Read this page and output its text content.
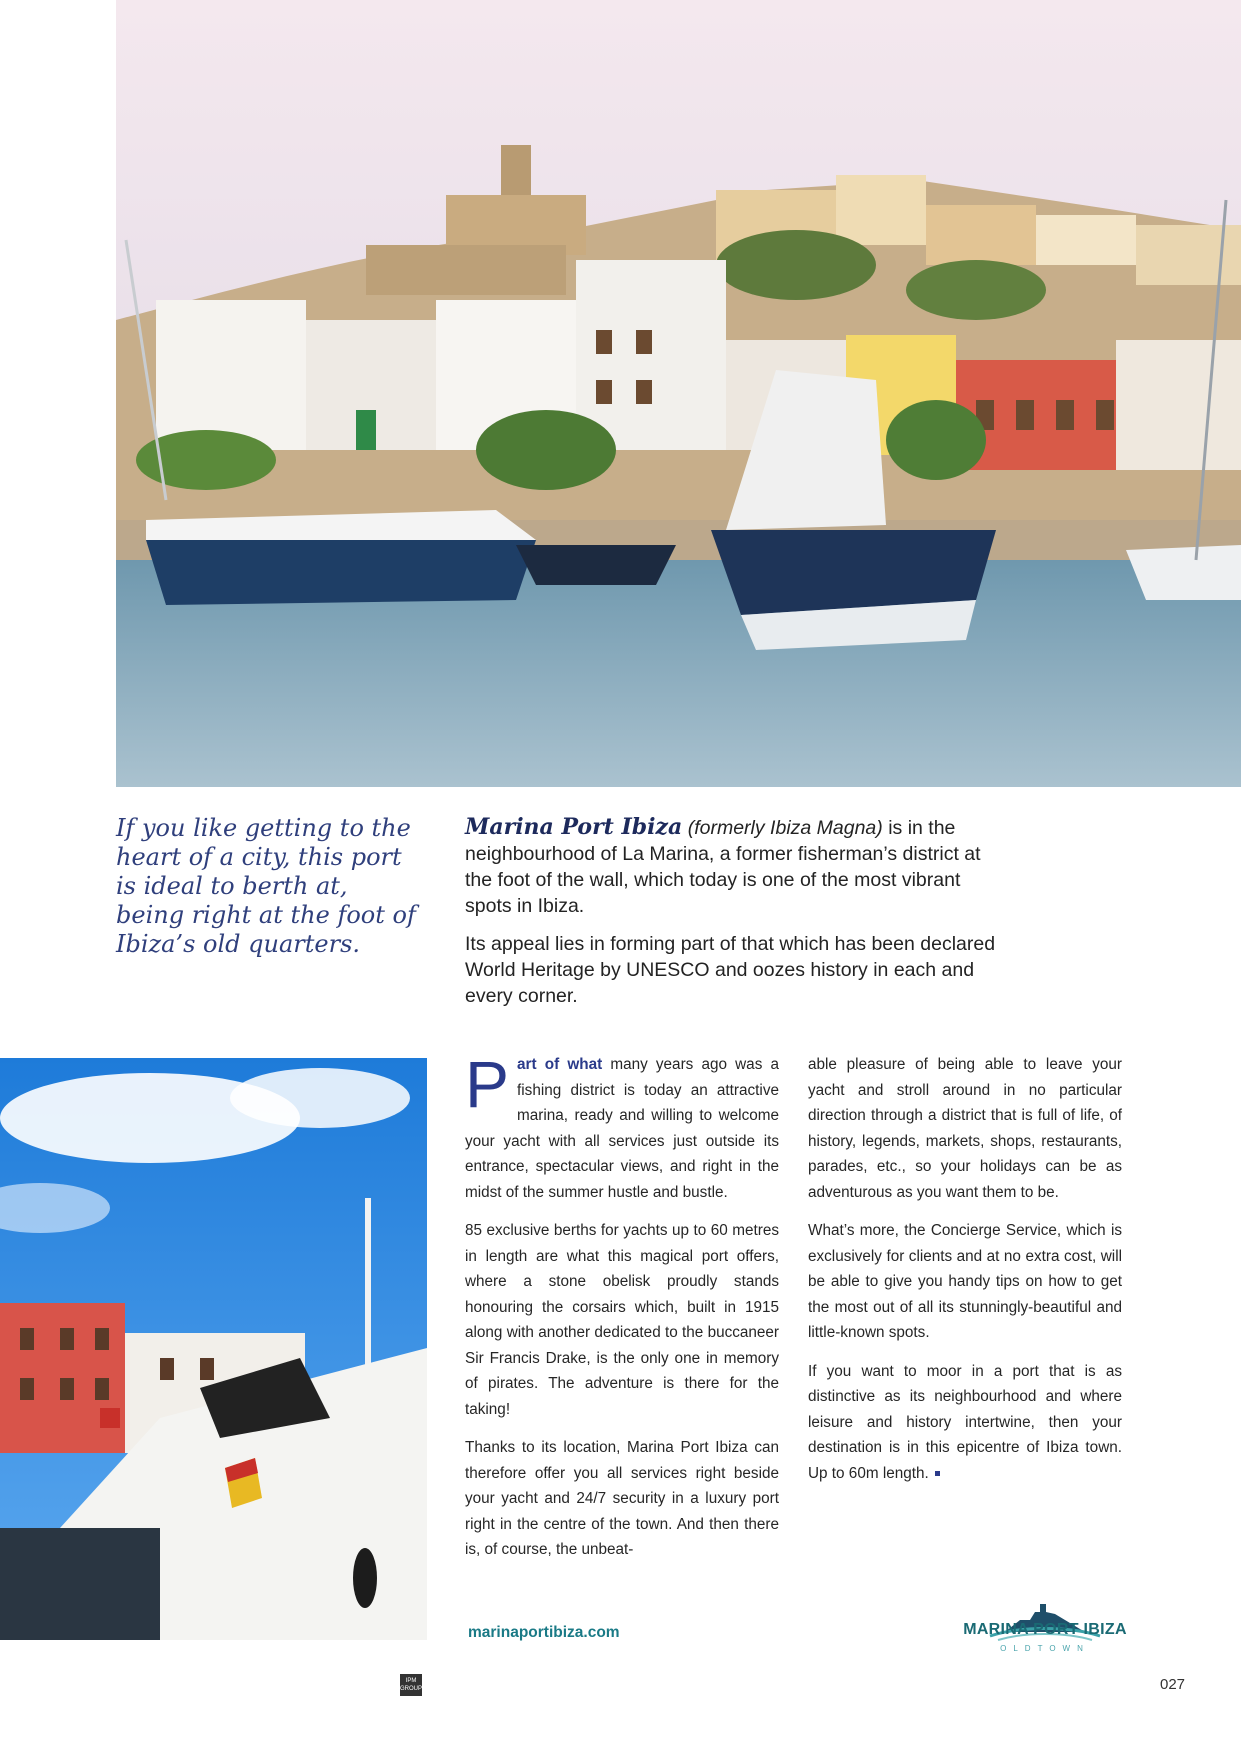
If you like getting to the heart of a city, this port is ideal to berth at, being right at the foot of Ibiza’s old quarters.

Marina Port Ibiza (formerly Ibiza Magna) is in the neighbourhood of La Marina, a former fisherman’s district at the foot of the wall, which today is one of the most vibrant spots in Ibiza.

Its appeal lies in forming part of that which has been declared World Heritage by UNESCO and oozes history in each and every corner.

Part of what many years ago was a fishing district is today an attractive marina, ready and willing to welcome your yacht with all services just outside its entrance, spectacular views, and right in the midst of the summer hustle and bustle.

85 exclusive berths for yachts up to 60 metres in length are what this magical port offers, where a stone obelisk proudly stands honouring the corsairs which, built in 1915 along with another dedicated to the buccaneer Sir Francis Drake, is the only one in memory of pirates. The adventure is there for the taking!

Thanks to its location, Marina Port Ibiza can therefore offer you all services right beside your yacht and 24/7 security in a luxury port right in the centre of the town. And then there is, of course, the unbeat-

able pleasure of being able to leave your yacht and stroll around in no particular direction through a district that is full of life, of history, legends, markets, shops, restaurants, parades, etc., so your holidays can be as adventurous as you want them to be.

What’s more, the Concierge Service, which is exclusively for clients and at no extra cost, will be able to give you handy tips on how to get the most out of all its stunningly-beautiful and little-known spots.

If you want to moor in a port that is as distinctive as its neighbourhood and where leisure and history intertwine, then your destination is in this epicentre of Ibiza town. Up to 60m length.

marinaportibiza.com	MARINA PORT IBIZA
OLDTOWN
IPM GROUP	027
